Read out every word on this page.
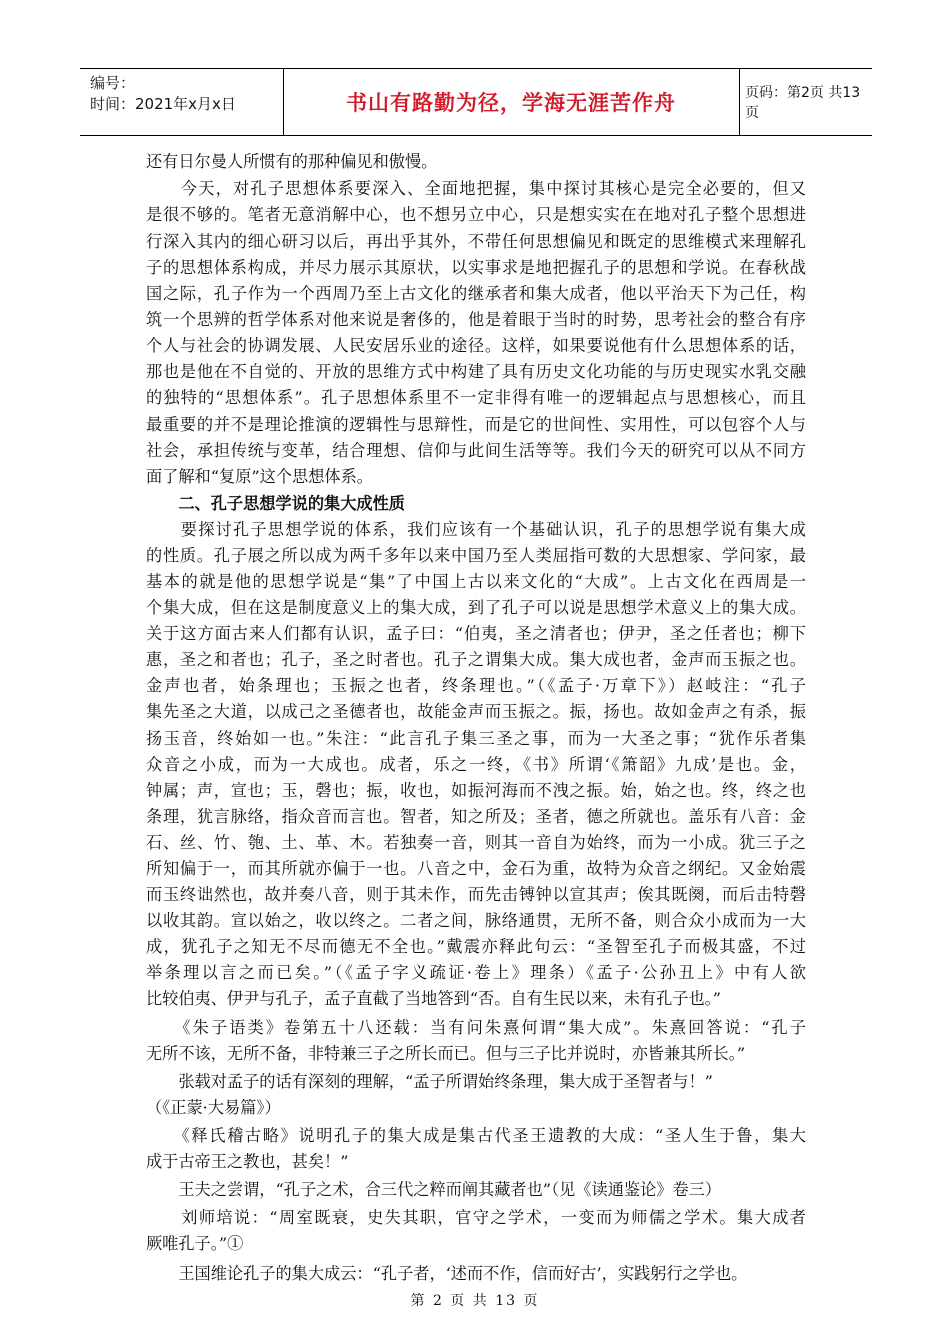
编号：
时间：2021年x月x日	书山有路勤为径，学海无涯苦作舟	页码：第2页 共13页
还有日尔曼人所惯有的那种偏见和傲慢。
　　今天，对孔子思想体系要深入、全面地把握，集中探讨其核心是完全必要的，但又
是很不够的。笔者无意消解中心，也不想另立中心，只是想实实在在地对孔子整个思想进
行深入其内的细心研习以后，再出乎其外，不带任何思想偏见和既定的思维模式来理解孔
子的思想体系构成，并尽力展示其原状，以实事求是地把握孔子的思想和学说。在春秋战
国之际，孔子作为一个西周乃至上古文化的继承者和集大成者，他以平治天下为己任，构
筑一个思辨的哲学体系对他来说是奢侈的，他是着眼于当时的时势，思考社会的整合有序
个人与社会的协调发展、人民安居乐业的途径。这样，如果要说他有什么思想体系的话，
那也是他在不自觉的、开放的思维方式中构建了具有历史文化功能的与历史现实水乳交融
的独特的“思想体系”。孔子思想体系里不一定非得有唯一的逻辑起点与思想核心，而且
最重要的并不是理论推演的逻辑性与思辩性，而是它的世间性、实用性，可以包容个人与
社会，承担传统与变革，结合理想、信仰与此间生活等等。我们今天的研究可以从不同方
面了解和“复原”这个思想体系。
　　二、孔子思想学说的集大成性质
　　要探讨孔子思想学说的体系，我们应该有一个基础认识，孔子的思想学说有集大成
的性质。孔子展之所以成为两千多年以来中国乃至人类屈指可数的大思想家、学问家，最
基本的就是他的思想学说是“集”了中国上古以来文化的“大成”。上古文化在西周是一
个集大成，但在这是制度意义上的集大成，到了孔子可以说是思想学术意义上的集大成。
关于这方面古来人们都有认识，孟子曰：“伯夷，圣之清者也；伊尹，圣之任者也；柳下
惠，圣之和者也；孔子，圣之时者也。孔子之谓集大成。集大成也者，金声而玉振之也。
金声也者，始条理也；玉振之也者，终条理也。”（《孟子·万章下》）赵岐注：“孔子
集先圣之大道，以成己之圣德者也，故能金声而玉振之。振，扬也。故如金声之有杀，振
扬玉音，终始如一也。”朱注：“此言孔子集三圣之事，而为一大圣之事；“犹作乐者集
众音之小成，而为一大成也。成者，乐之一终，《书》所谓‘《箫韶》九成’是也。金，
钟属；声，宣也；玉，磬也；振，收也，如振河海而不洩之振。始，始之也。终，终之也
条理，犹言脉络，指众音而言也。智者，知之所及；圣者，德之所就也。盖乐有八音：金
石、丝、竹、匏、土、革、木。若独奏一音，则其一音自为始终，而为一小成。犹三子之
所知偏于一，而其所就亦偏于一也。八音之中，金石为重，故特为众音之纲纪。又金始震
而玉终诎然也，故并奏八音，则于其未作，而先击镈钟以宣其声；俟其既阕，而后击特磬
以收其韵。宣以始之，收以终之。二者之间，脉络通贯，无所不备，则合众小成而为一大
成，犹孔子之知无不尽而德无不全也。”戴震亦释此句云：“圣智至孔子而极其盛，不过
举条理以言之而已矣。”（《孟子字义疏证·卷上》理条）《孟子·公孙丑上》中有人欲
比较伯夷、伊尹与孔子，孟子直截了当地答到“否。自有生民以来，未有孔子也。”
　　《朱子语类》卷第五十八还载：当有问朱熹何谓“集大成”。朱熹回答说：“孔子
无所不该，无所不备，非特兼三子之所长而已。但与三子比并说时，亦皆兼其所长。”
　　张载对孟子的话有深刻的理解，“孟子所谓始终条理，集大成于圣智者与！”
（《正蒙·大易篇》）
　　《释氏稽古略》说明孔子的集大成是集古代圣王遗教的大成：“圣人生于鲁，集大
成于古帝王之教也，甚矣！”
　　王夫之尝谓，“孔子之术，合三代之粹而阐其藏者也”（见《读通鉴论》卷三）
　　刘师培说：“周室既衰，史失其职，官守之学术，一变而为师儒之学术。集大成者
厥唯孔子。”①
　　王国维论孔子的集大成云：“孔子者，‘述而不作，信而好古’，实践躬行之学也。
第 2 页 共 13 页
